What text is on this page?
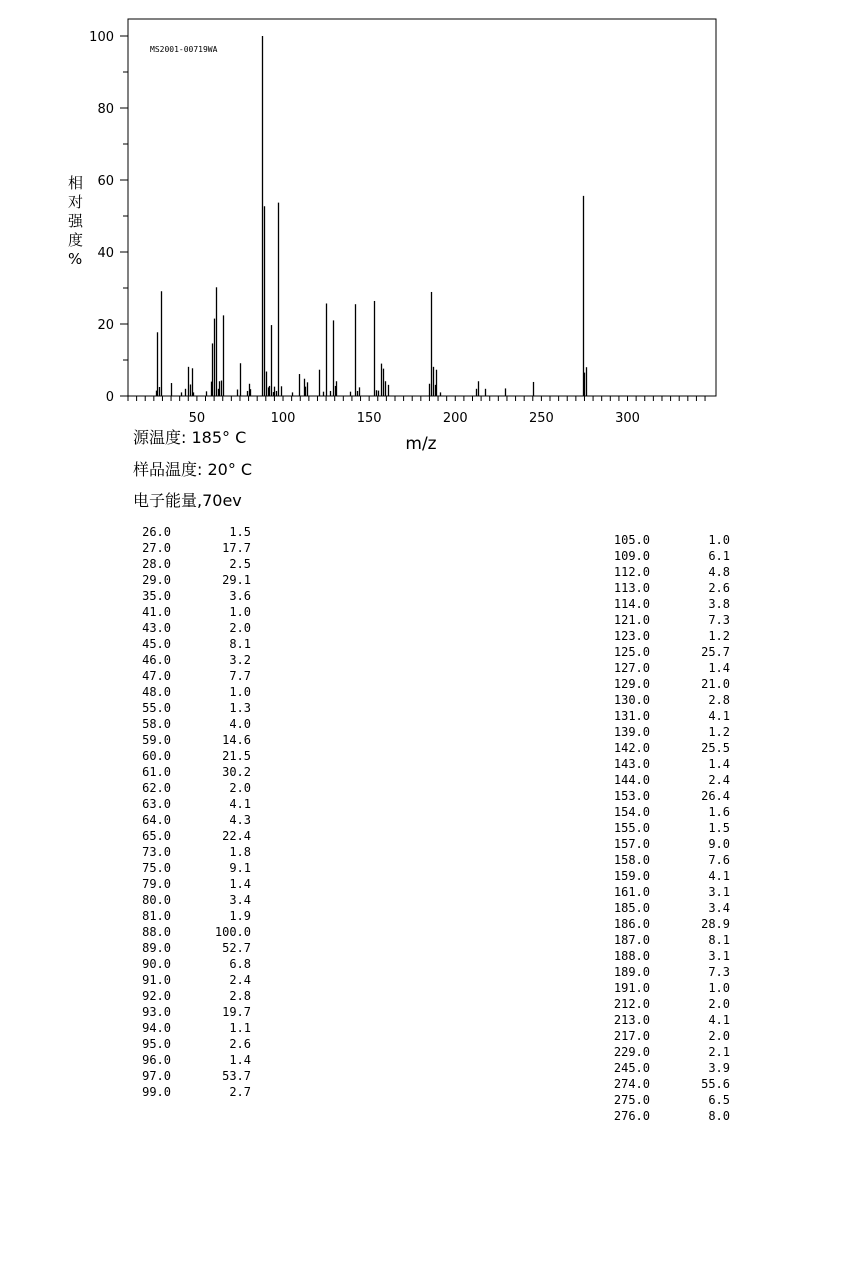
MS2001-00719WA
0
20
40
60
80
100
50	100	150	200	250	300
m/z
相对强度%
源温度: 185° C
样品温度: 20° C
电子能量,70ev
26.0	1.5
27.0	17.7
28.0	2.5
29.0	29.1
35.0	3.6
41.0	1.0
43.0	2.0
45.0	8.1
46.0	3.2
47.0	7.7
48.0	1.0
55.0	1.3
58.0	4.0
59.0	14.6
60.0	21.5
61.0	30.2
62.0	2.0
63.0	4.1
64.0	4.3
65.0	22.4
73.0	1.8
75.0	9.1
79.0	1.4
80.0	3.4
81.0	1.9
88.0	100.0
89.0	52.7
90.0	6.8
91.0	2.4
92.0	2.8
93.0	19.7
94.0	1.1
95.0	2.6
96.0	1.4
97.0	53.7
99.0	2.7
105.0	1.0
109.0	6.1
112.0	4.8
113.0	2.6
114.0	3.8
121.0	7.3
123.0	1.2
125.0	25.7
127.0	1.4
129.0	21.0
130.0	2.8
131.0	4.1
139.0	1.2
142.0	25.5
143.0	1.4
144.0	2.4
153.0	26.4
154.0	1.6
155.0	1.5
157.0	9.0
158.0	7.6
159.0	4.1
161.0	3.1
185.0	3.4
186.0	28.9
187.0	8.1
188.0	3.1
189.0	7.3
191.0	1.0
212.0	2.0
213.0	4.1
217.0	2.0
229.0	2.1
245.0	3.9
274.0	55.6
275.0	6.5
276.0	8.0
